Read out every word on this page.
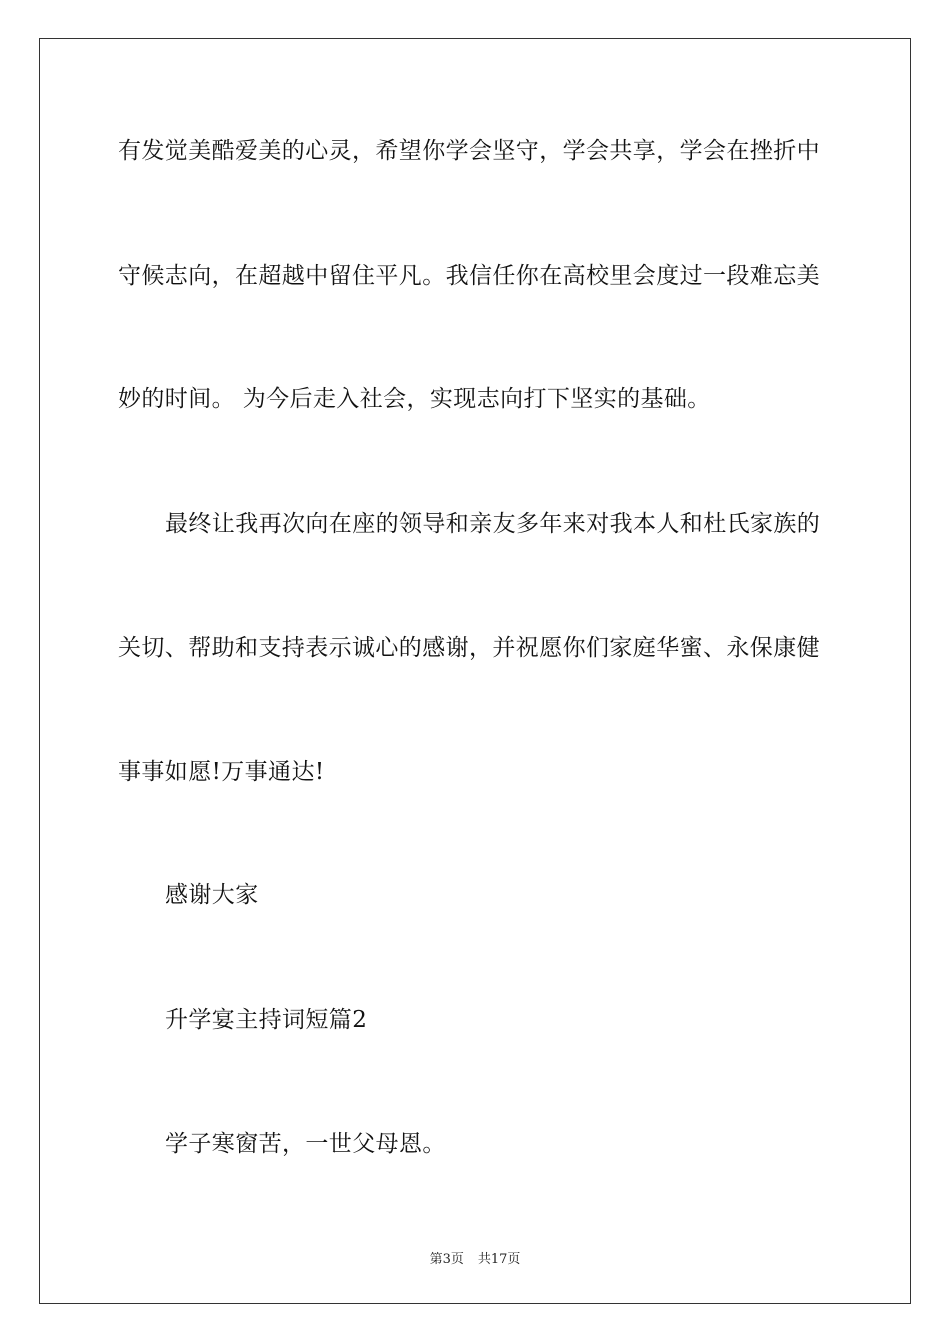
有发觉美酷爱美的心灵，希望你学会坚守，学会共享，学会在挫折中
守候志向，在超越中留住平凡。我信任你在高校里会度过一段难忘美
妙的时间。 为今后走入社会，实现志向打下坚实的基础。
最终让我再次向在座的领导和亲友多年来对我本人和杜氏家族的
关切、帮助和支持表示诚心的感谢，并祝愿你们家庭华蜜、永保康健
事事如愿!万事通达!
感谢大家
升学宴主持词短篇2
学子寒窗苦，一世父母恩。
第3页 共17页
